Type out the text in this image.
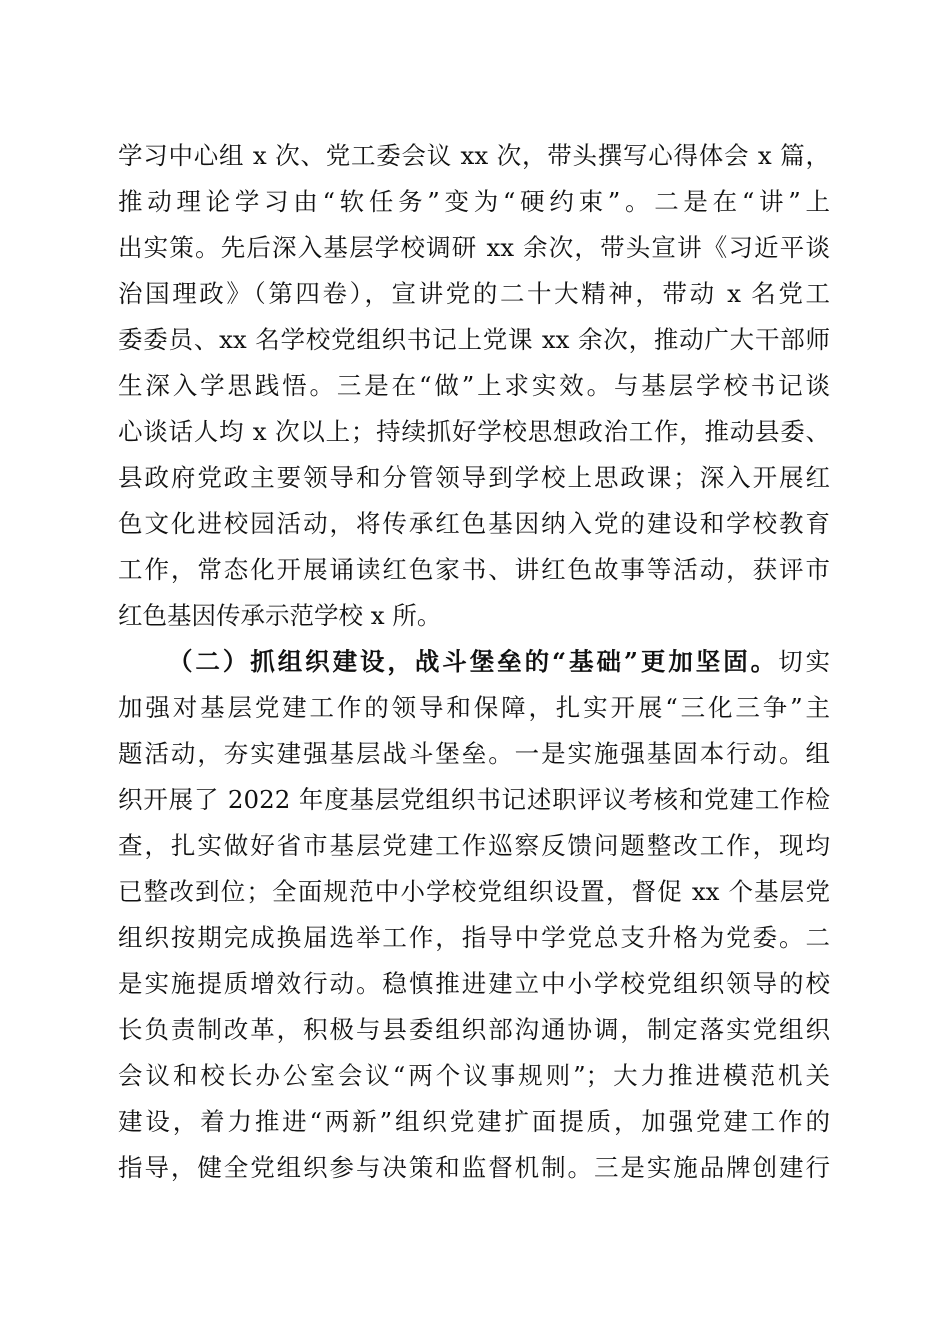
学习中心组 x 次、党工委会议 xx 次，带头撰写心得体会 x 篇，
推动理论学习由“软任务”变为“硬约束”。二是在“讲”上
出实策。先后深入基层学校调研 xx 余次，带头宣讲《习近平谈
治国理政》（第四卷），宣讲党的二十大精神，带动 x 名党工
委委员、xx 名学校党组织书记上党课 xx 余次，推动广大干部师
生深入学思践悟。三是在“做”上求实效。与基层学校书记谈
心谈话人均 x 次以上；持续抓好学校思想政治工作，推动县委、
县政府党政主要领导和分管领导到学校上思政课；深入开展红
色文化进校园活动，将传承红色基因纳入党的建设和学校教育
工作，常态化开展诵读红色家书、讲红色故事等活动，获评市
红色基因传承示范学校 x 所。
（二）抓组织建设，战斗堡垒的“基础”更加坚固。切实
加强对基层党建工作的领导和保障，扎实开展“三化三争”主
题活动，夯实建强基层战斗堡垒。一是实施强基固本行动。组
织开展了 2022 年度基层党组织书记述职评议考核和党建工作检
查，扎实做好省市基层党建工作巡察反馈问题整改工作，现均
已整改到位；全面规范中小学校党组织设置，督促 xx 个基层党
组织按期完成换届选举工作，指导中学党总支升格为党委。二
是实施提质增效行动。稳慎推进建立中小学校党组织领导的校
长负责制改革，积极与县委组织部沟通协调，制定落实党组织
会议和校长办公室会议“两个议事规则”；大力推进模范机关
建设，着力推进“两新”组织党建扩面提质，加强党建工作的
指导，健全党组织参与决策和监督机制。三是实施品牌创建行
